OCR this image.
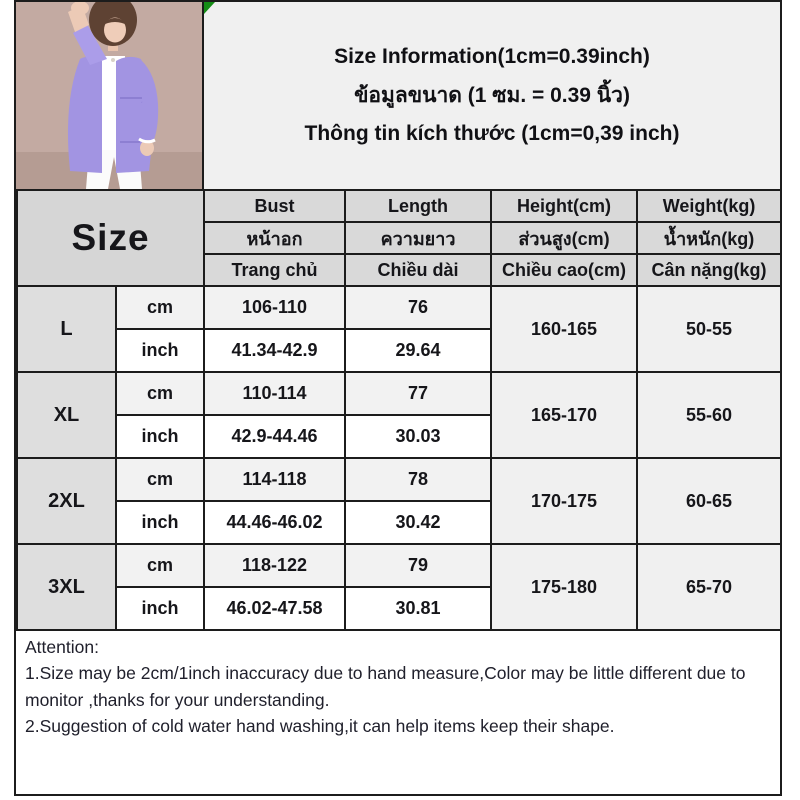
Size Information(1cm=0.39inch)
ข้อมูลขนาด (1 ซม. = 0.39 นิ้ว)
Thông tin kích thước (1cm=0,39 inch)
Size		Bust	Length	Height(cm)	Weight(kg)
		หน้าอก	ความยาว	ส่วนสูง(cm)	น้ำหนัก(kg)
		Trang chủ	Chiều dài	Chiều cao(cm)	Cân nặng(kg)
L	cm	106-110	76	160-165	50-55
	inch	41.34-42.9	29.64		
XL	cm	110-114	77	165-170	55-60
	inch	42.9-44.46	30.03		
2XL	cm	114-118	78	170-175	60-65
	inch	44.46-46.02	30.42		
3XL	cm	118-122	79	175-180	65-70
	inch	46.02-47.58	30.81		
Attention:
1.Size may be 2cm/1inch inaccuracy due to hand measure,Color may be little different due to monitor ,thanks for your understanding.
2.Suggestion of cold water hand washing,it can help items keep their shape.
